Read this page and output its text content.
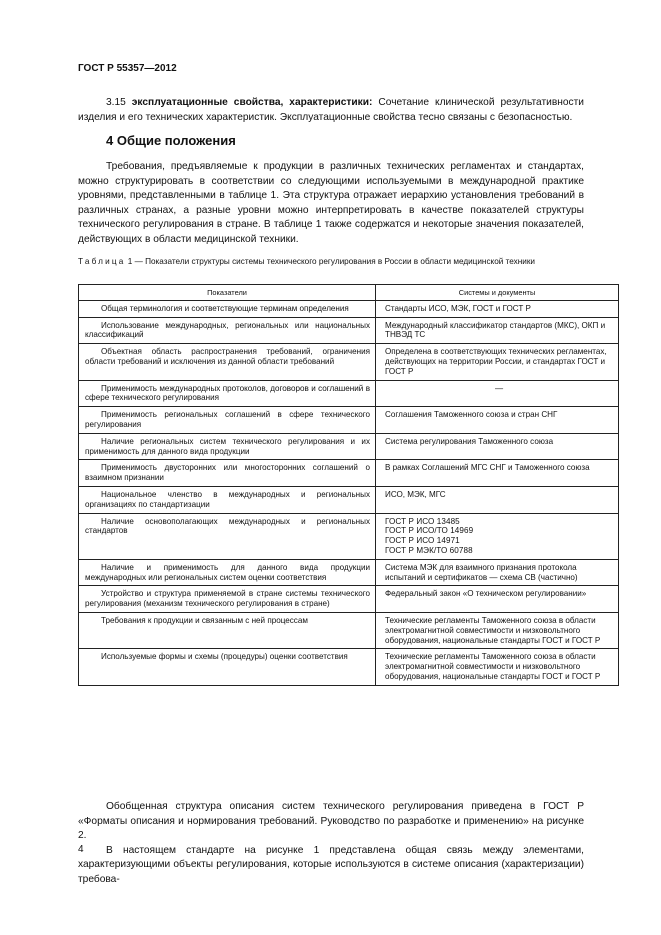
ГОСТ Р 55357—2012

3.15 эксплуатационные свойства, характеристики: Сочетание клинической результативности изделия и его технических характеристик. Эксплуатационные свойства тесно связаны с безопасностью.

4 Общие положения

Требования, предъявляемые к продукции в различных технических регламентах и стандартах, можно структурировать в соответствии со следующими используемыми в международной практике уровнями, представленными в таблице 1. Эта структура отражает иерархию установления требований в различных странах, а разные уровни можно интерпретировать в качестве показателей структуры технического регулирования в стране. В таблице 1 также содержатся и некоторые значения показателей, действующих в области медицинской техники.

Таблица 1 — Показатели структуры системы технического регулирования в России в области медицинской техники
Показатели	Системы и документы

Общая терминология и соответствующие терминам определения	Стандарты ИСО, МЭК, ГОСТ и ГОСТ Р

Использование международных, региональных или национальных классификаций	Международный классификатор стандартов (МКС), ОКП и ТНВЭД ТС

Объектная область распространения требований, ограничения области требований и исключения из данной области требований	Определена в соответствующих технических регламентах, действующих на территории России, и стандартах ГОСТ и ГОСТ Р

Применимость международных протоколов, договоров и соглашений в сфере технического регулирования	—

Применимость региональных соглашений в сфере технического регулирования	Соглашения Таможенного союза и стран СНГ

Наличие региональных систем технического регулирования и их применимость для данного вида продукции	Система регулирования Таможенного союза

Применимость двусторонних или многосторонних соглашений о взаимном признании	В рамках Соглашений МГС СНГ и Таможенного союза

Национальное членство в международных и региональных организациях по стандартизации	ИСО, МЭК, МГС

Наличие основополагающих международных и региональных стандартов	ГОСТ Р ИСО 13485
ГОСТ Р ИСО/ТО 14969
ГОСТ Р ИСО 14971
ГОСТ Р МЭК/ТО 60788

Наличие и применимость для данного вида продукции международных или региональных систем оценки соответствия	Система МЭК для взаимного признания протокола испытаний и сертификатов — схема СВ (частично)

Устройство и структура применяемой в стране системы технического регулирования (механизм технического регулирования в стране)	Федеральный закон «О техническом регулировании»

Требования к продукции и связанным с ней процессам	Технические регламенты Таможенного союза в области электромагнитной совместимости и низковольтного оборудования, национальные стандарты ГОСТ и ГОСТ Р

Используемые формы и схемы (процедуры) оценки соответствия	Технические регламенты Таможенного союза в области электромагнитной совместимости и низковольтного оборудования, национальные стандарты ГОСТ и ГОСТ Р

Обобщенная структура описания систем технического регулирования приведена в ГОСТ Р «Форматы описания и нормирования требований. Руководство по разработке и применению» на рисунке 2.

В настоящем стандарте на рисунке 1 представлена общая связь между элементами, характеризующими объекты регулирования, которые используются в системе описания (характеризации) требова-

4
